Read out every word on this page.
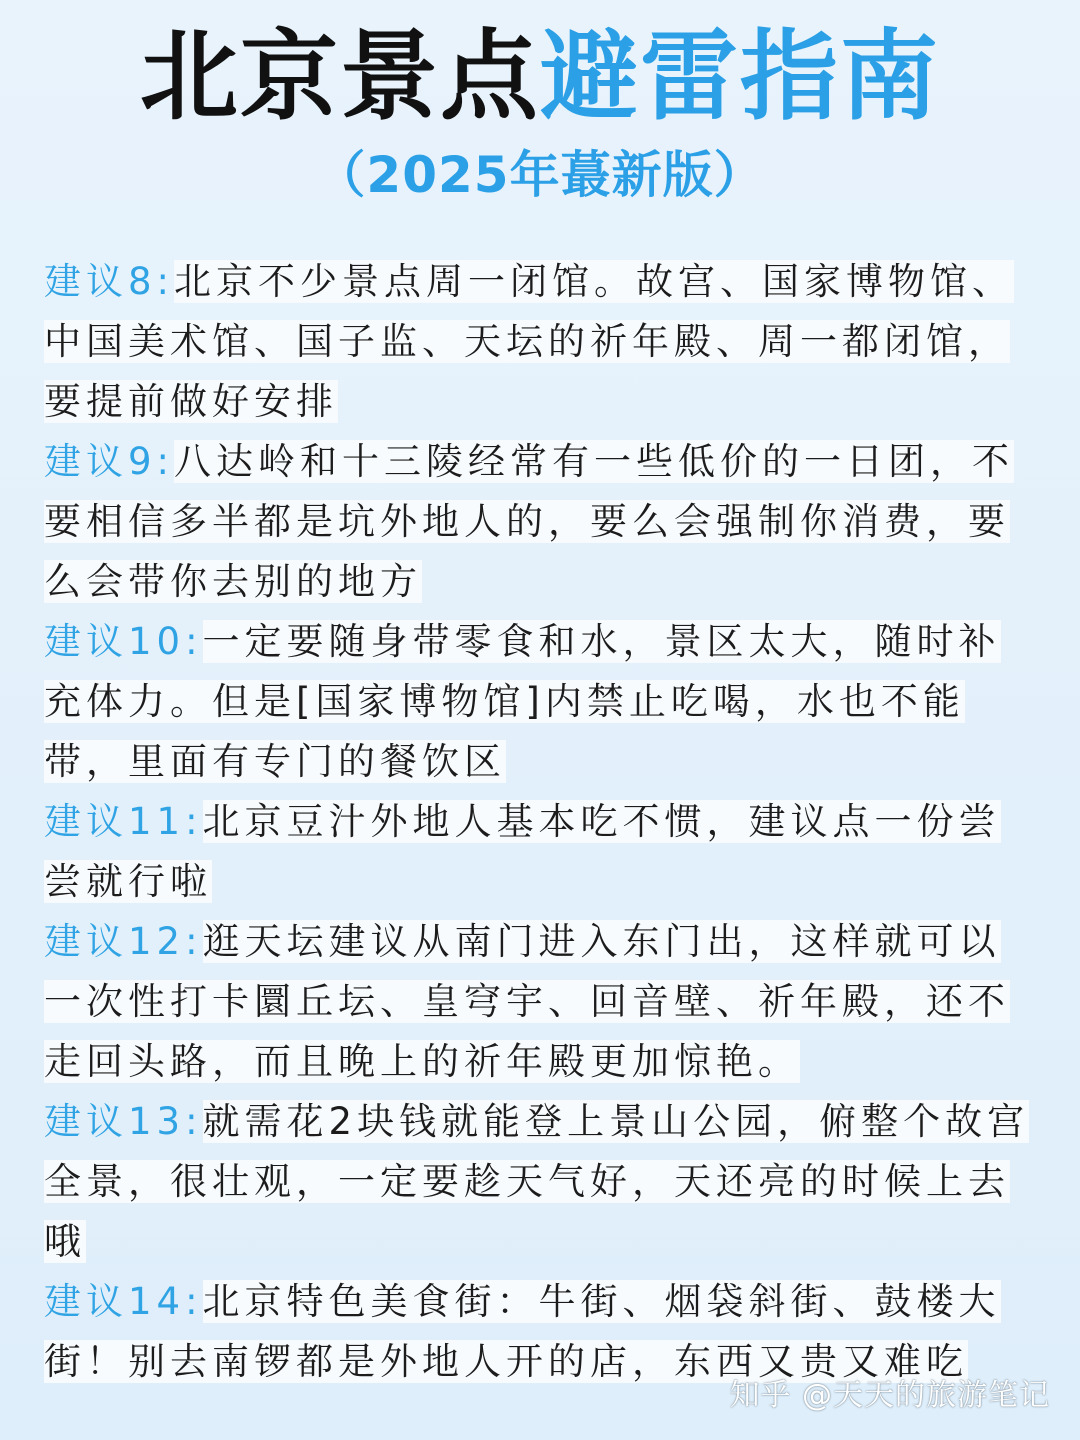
北京景点避雷指南
（2025年蕞新版）
建议8:北京不少景点周一闭馆。故宫、国家博物馆、中国美术馆、国子监、天坛的祈年殿、周一都闭馆，要提前做好安排
建议9:八达岭和十三陵经常有一些低价的一日团，不要相信多半都是坑外地人的，要么会强制你消费，要么会带你去别的地方
建议10:一定要随身带零食和水，景区太大，随时补充体力。但是[国家博物馆]内禁止吃喝，水也不能带，里面有专门的餐饮区
建议11:北京豆汁外地人基本吃不惯，建议点一份尝尝就行啦
建议12:逛天坛建议从南门进入东门出，这样就可以一次性打卡圜丘坛、皇穹宇、回音壁、祈年殿，还不走回头路，而且晚上的祈年殿更加惊艳。
建议13:就需花2块钱就能登上景山公园，俯整个故宫全景，很壮观，一定要趁天气好，天还亮的时候上去哦
建议14:北京特色美食街：牛街、烟袋斜街、鼓楼大街！别去南锣都是外地人开的店，东西又贵又难吃
知乎 @天天的旅游笔记
